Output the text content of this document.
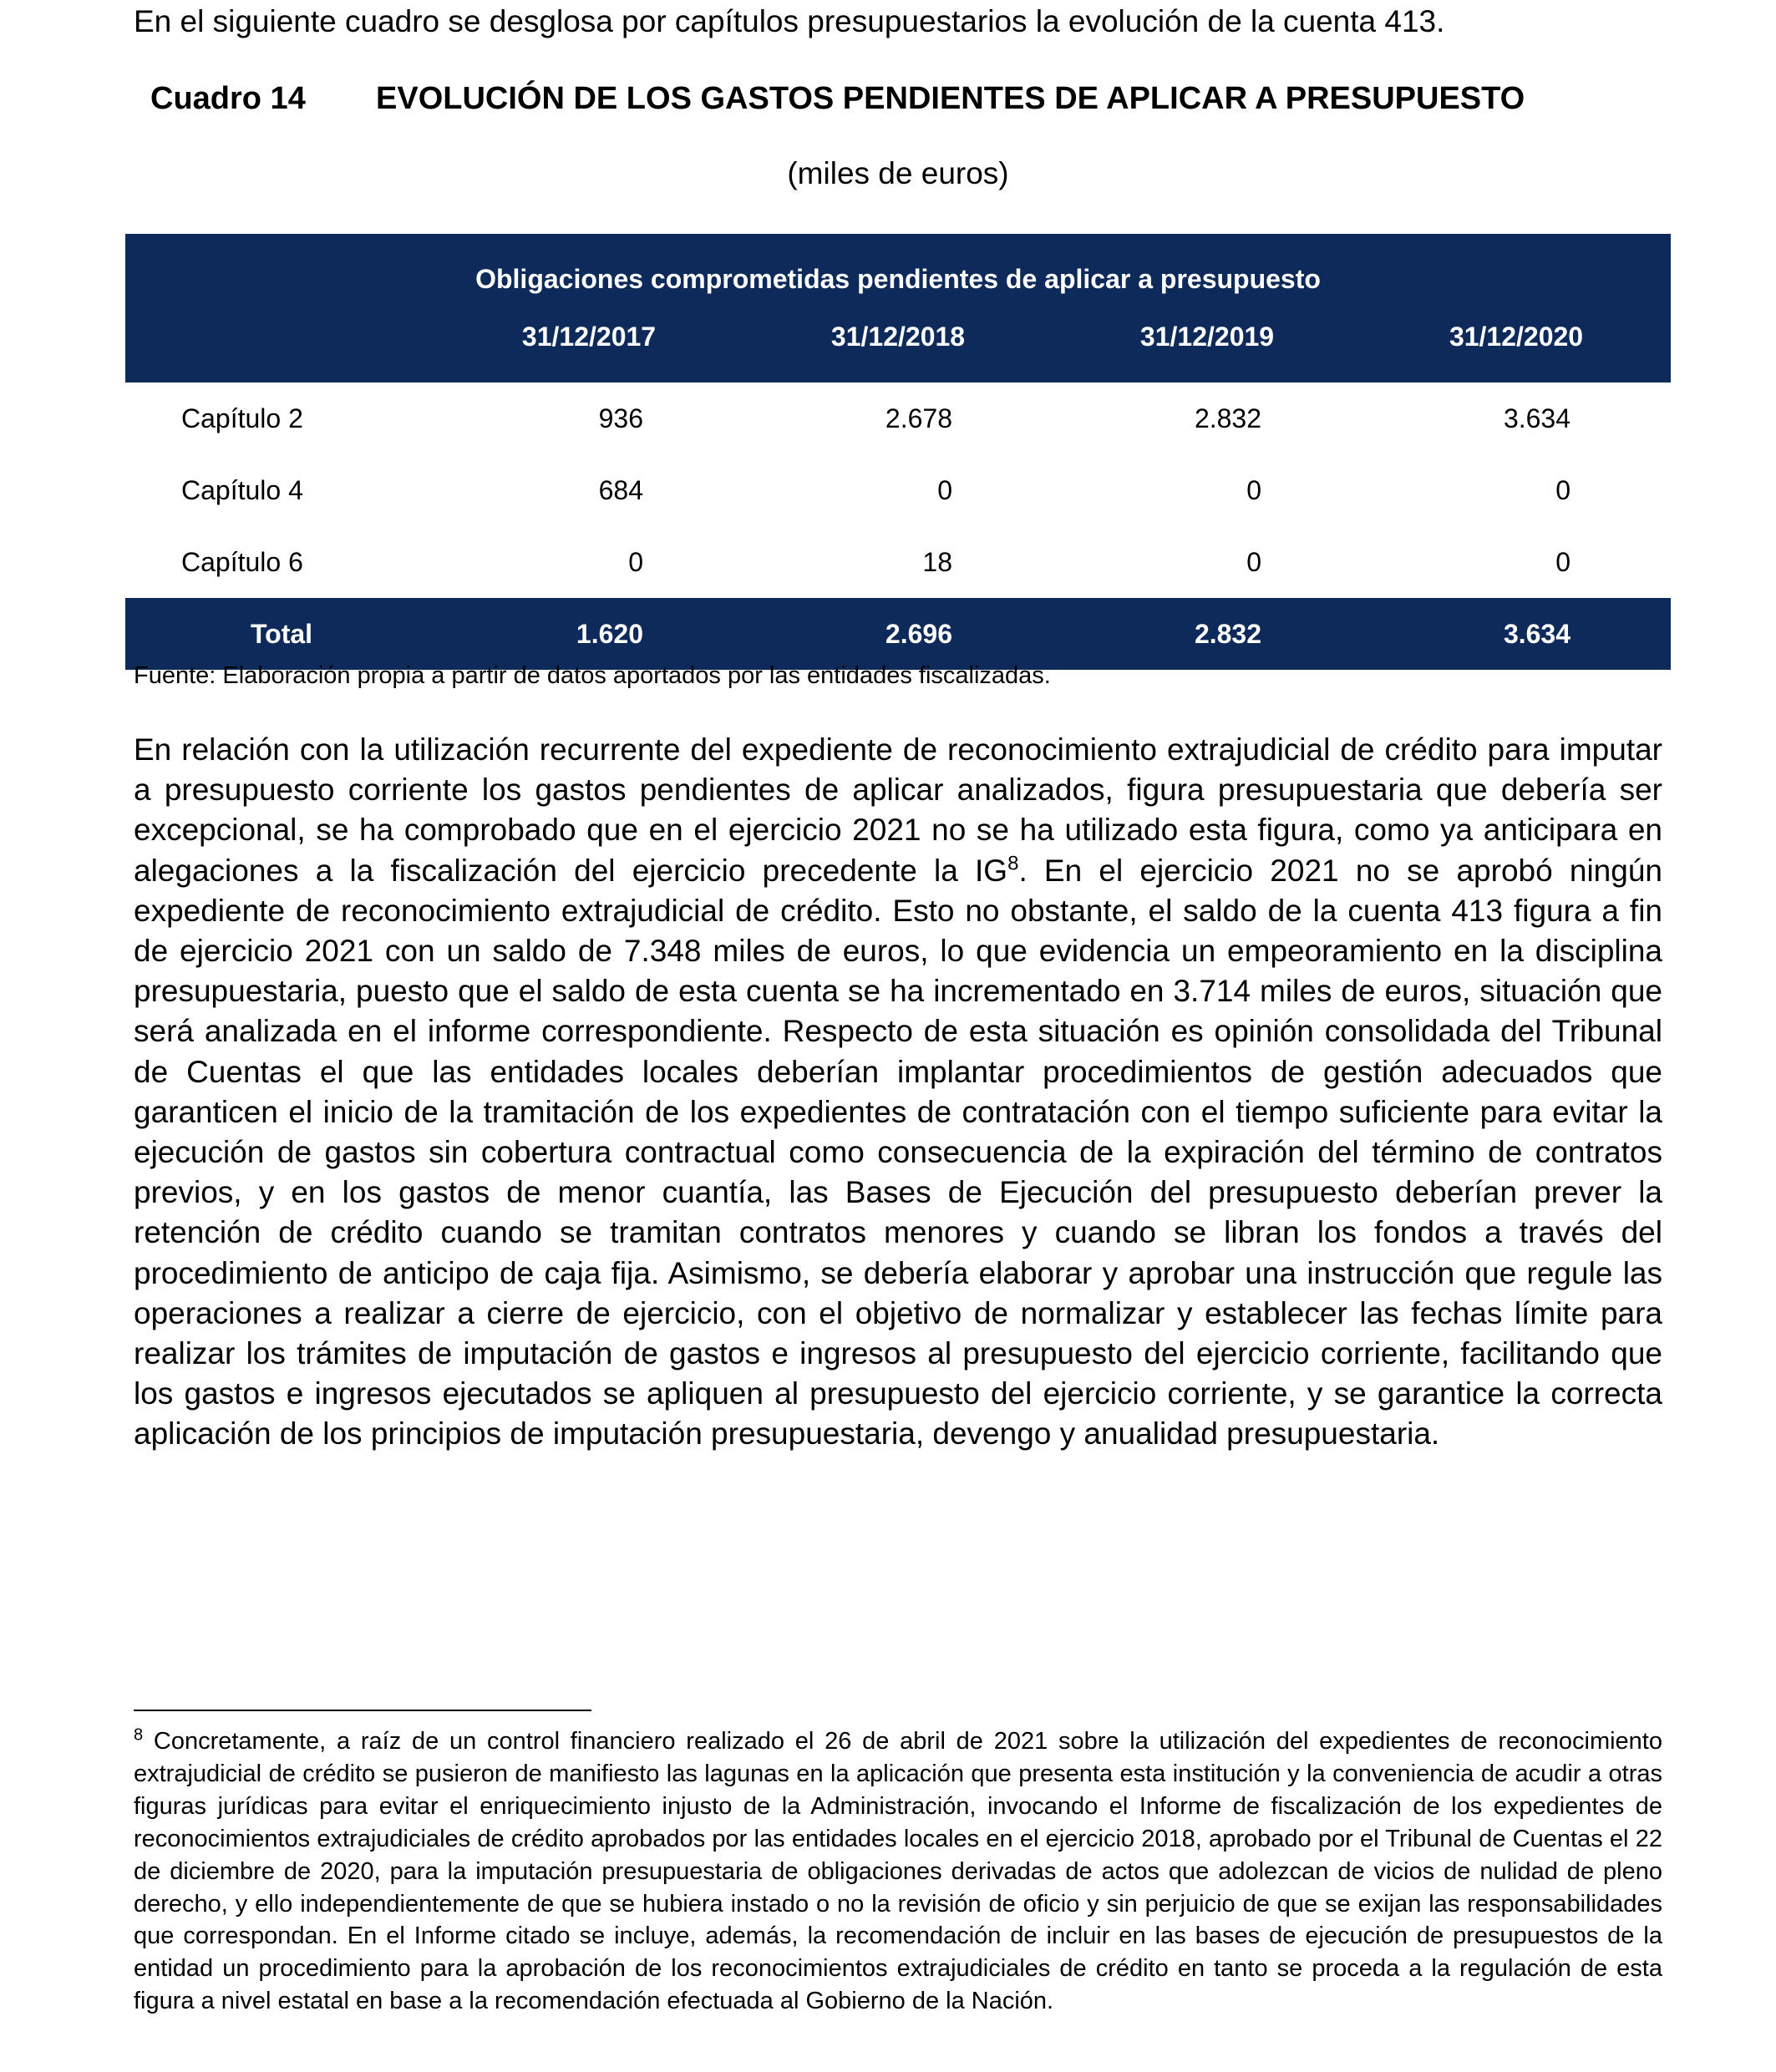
En el siguiente cuadro se desglosa por capítulos presupuestarios la evolución de la cuenta 413.
Cuadro 14 EVOLUCIÓN DE LOS GASTOS PENDIENTES DE APLICAR A PRESUPUESTO
(miles de euros)
	Obligaciones comprometidas pendientes de aplicar a presupuesto			
	31/12/2017	31/12/2018	31/12/2019	31/12/2020
Capítulo 2	936	2.678	2.832	3.634
Capítulo 4	684	0	0	0
Capítulo 6	0	18	0	0
Total	1.620	2.696	2.832	3.634
Fuente: Elaboración propia a partir de datos aportados por las entidades fiscalizadas.
En relación con la utilización recurrente del expediente de reconocimiento extrajudicial de crédito para imputar a presupuesto corriente los gastos pendientes de aplicar analizados, figura presupuestaria que debería ser excepcional, se ha comprobado que en el ejercicio 2021 no se ha utilizado esta figura, como ya anticipara en alegaciones a la fiscalización del ejercicio precedente la $IG^8$. En el ejercicio 2021 no se aprobó ningún expediente de reconocimiento extrajudicial de crédito. Esto no obstante, el saldo de la cuenta 413 figura a fin de ejercicio 2021 con un saldo de 7.348 miles de euros, lo que evidencia un empeoramiento en la disciplina presupuestaria, puesto que el saldo de esta cuenta se ha incrementado en 3.714 miles de euros, situación que será analizada en el informe correspondiente. Respecto de esta situación es opinión consolidada del Tribunal de Cuentas el que las entidades locales deberían implantar procedimientos de gestión adecuados que garanticen el inicio de la tramitación de los expedientes de contratación con el tiempo suficiente para evitar la ejecución de gastos sin cobertura contractual como consecuencia de la expiración del término de contratos previos, y en los gastos de menor cuantía, las Bases de Ejecución del presupuesto deberían prever la retención de crédito cuando se tramitan contratos menores y cuando se libran los fondos a través del procedimiento de anticipo de caja fija. Asimismo, se debería elaborar y aprobar una instrucción que regule las operaciones a realizar a cierre de ejercicio, con el objetivo de normalizar y establecer las fechas límite para realizar los trámites de imputación de gastos e ingresos al presupuesto del ejercicio corriente, facilitando que los gastos e ingresos ejecutados se apliquen al presupuesto del ejercicio corriente, y se garantice la correcta aplicación de los principios de imputación presupuestaria, devengo y anualidad presupuestaria.
$^8$ Concretamente, a raíz de un control financiero realizado el 26 de abril de 2021 sobre la utilización del expedientes de reconocimiento extrajudicial de crédito se pusieron de manifiesto las lagunas en la aplicación que presenta esta institución y la conveniencia de acudir a otras figuras jurídicas para evitar el enriquecimiento injusto de la Administración, invocando el Informe de fiscalización de los expedientes de reconocimientos extrajudiciales de crédito aprobados por las entidades locales en el ejercicio 2018, aprobado por el Tribunal de Cuentas el 22 de diciembre de 2020, para la imputación presupuestaria de obligaciones derivadas de actos que adolezcan de vicios de nulidad de pleno derecho, y ello independientemente de que se hubiera instado o no la revisión de oficio y sin perjuicio de que se exijan las responsabilidades que correspondan. En el Informe citado se incluye, además, la recomendación de incluir en las bases de ejecución de presupuestos de la entidad un procedimiento para la aprobación de los reconocimientos extrajudiciales de crédito en tanto se proceda a la regulación de esta figura a nivel estatal en base a la recomendación efectuada al Gobierno de la Nación.
